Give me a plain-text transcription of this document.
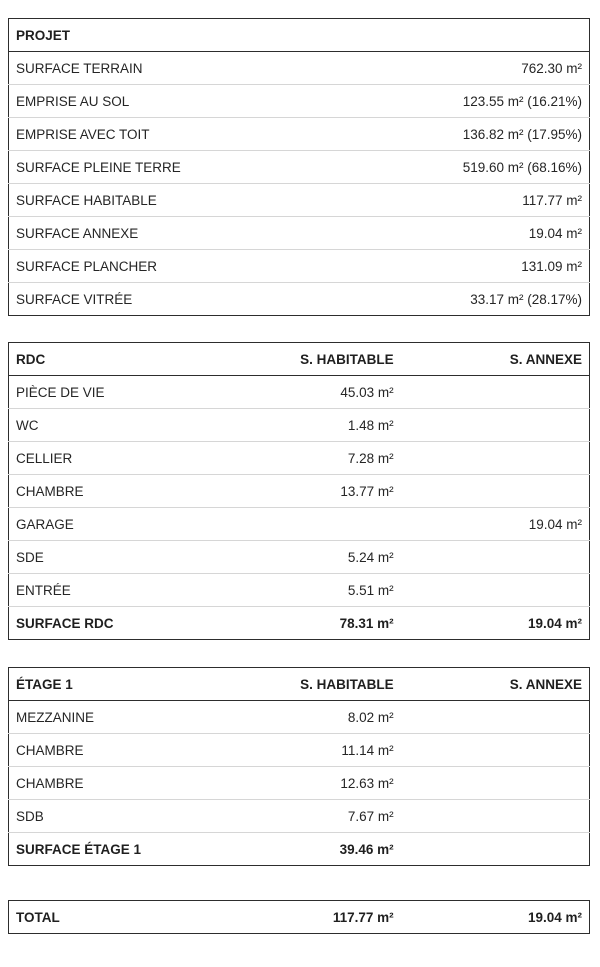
PROJET	
SURFACE TERRAIN	762.30 m²
EMPRISE AU SOL	123.55 m² (16.21%)
EMPRISE AVEC TOIT	136.82 m² (17.95%)
SURFACE PLEINE TERRE	519.60 m² (68.16%)
SURFACE HABITABLE	117.77 m²
SURFACE ANNEXE	19.04 m²
SURFACE PLANCHER	131.09 m²
SURFACE VITRÉE	33.17 m² (28.17%)
RDC	S. HABITABLE	S. ANNEXE
PIÈCE DE VIE	45.03 m²	
WC	1.48 m²	
CELLIER	7.28 m²	
CHAMBRE	13.77 m²	
GARAGE		19.04 m²
SDE	5.24 m²	
ENTRÉE	5.51 m²	
SURFACE RDC	78.31 m²	19.04 m²
ÉTAGE 1	S. HABITABLE	S. ANNEXE
MEZZANINE	8.02 m²	
CHAMBRE	11.14 m²	
CHAMBRE	12.63 m²	
SDB	7.67 m²	
SURFACE ÉTAGE 1	39.46 m²	
TOTAL	117.77 m²	19.04 m²
